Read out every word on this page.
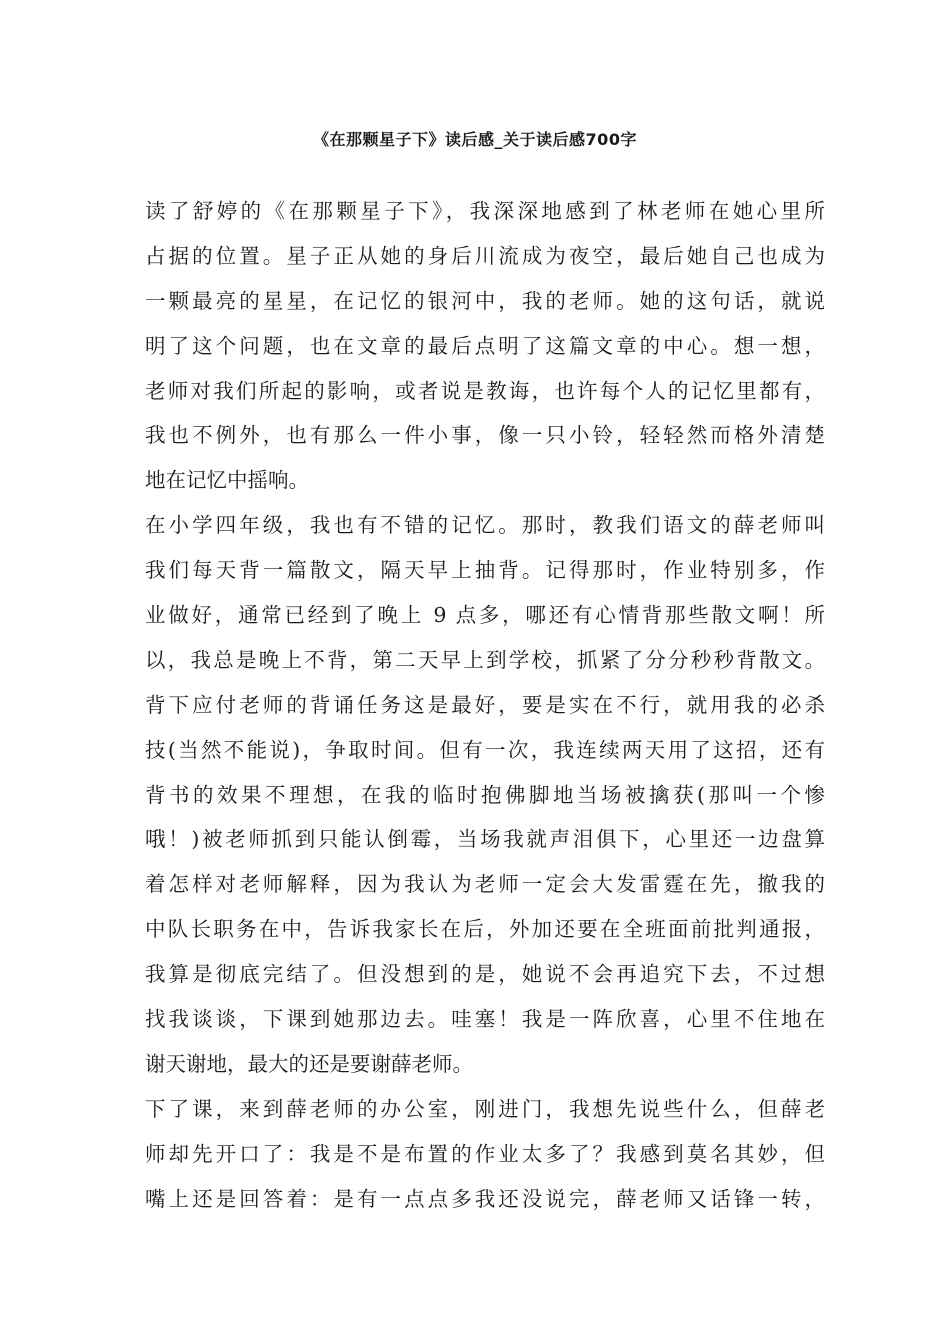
《在那颗星子下》读后感_关于读后感700字
读了舒婷的《在那颗星子下》，我深深地感到了林老师在她心里所
占据的位置。星子正从她的身后川流成为夜空，最后她自己也成为
一颗最亮的星星，在记忆的银河中，我的老师。她的这句话，就说
明了这个问题，也在文章的最后点明了这篇文章的中心。想一想，
老师对我们所起的影响，或者说是教诲，也许每个人的记忆里都有，
我也不例外，也有那么一件小事，像一只小铃，轻轻然而格外清楚
地在记忆中摇响。
在小学四年级，我也有不错的记忆。那时，教我们语文的薛老师叫
我们每天背一篇散文，隔天早上抽背。记得那时，作业特别多，作
业做好，通常已经到了晚上 9 点多，哪还有心情背那些散文啊！所
以，我总是晚上不背，第二天早上到学校，抓紧了分分秒秒背散文。
背下应付老师的背诵任务这是最好，要是实在不行，就用我的必杀
技(当然不能说)，争取时间。但有一次，我连续两天用了这招，还有
背书的效果不理想，在我的临时抱佛脚地当场被擒获(那叫一个惨
哦！)被老师抓到只能认倒霉，当场我就声泪俱下，心里还一边盘算
着怎样对老师解释，因为我认为老师一定会大发雷霆在先，撤我的
中队长职务在中，告诉我家长在后，外加还要在全班面前批判通报，
我算是彻底完结了。但没想到的是，她说不会再追究下去，不过想
找我谈谈，下课到她那边去。哇塞！我是一阵欣喜，心里不住地在
谢天谢地，最大的还是要谢薛老师。
下了课，来到薛老师的办公室，刚进门，我想先说些什么，但薛老
师却先开口了：我是不是布置的作业太多了？我感到莫名其妙，但
嘴上还是回答着：是有一点点多我还没说完，薛老师又话锋一转，
